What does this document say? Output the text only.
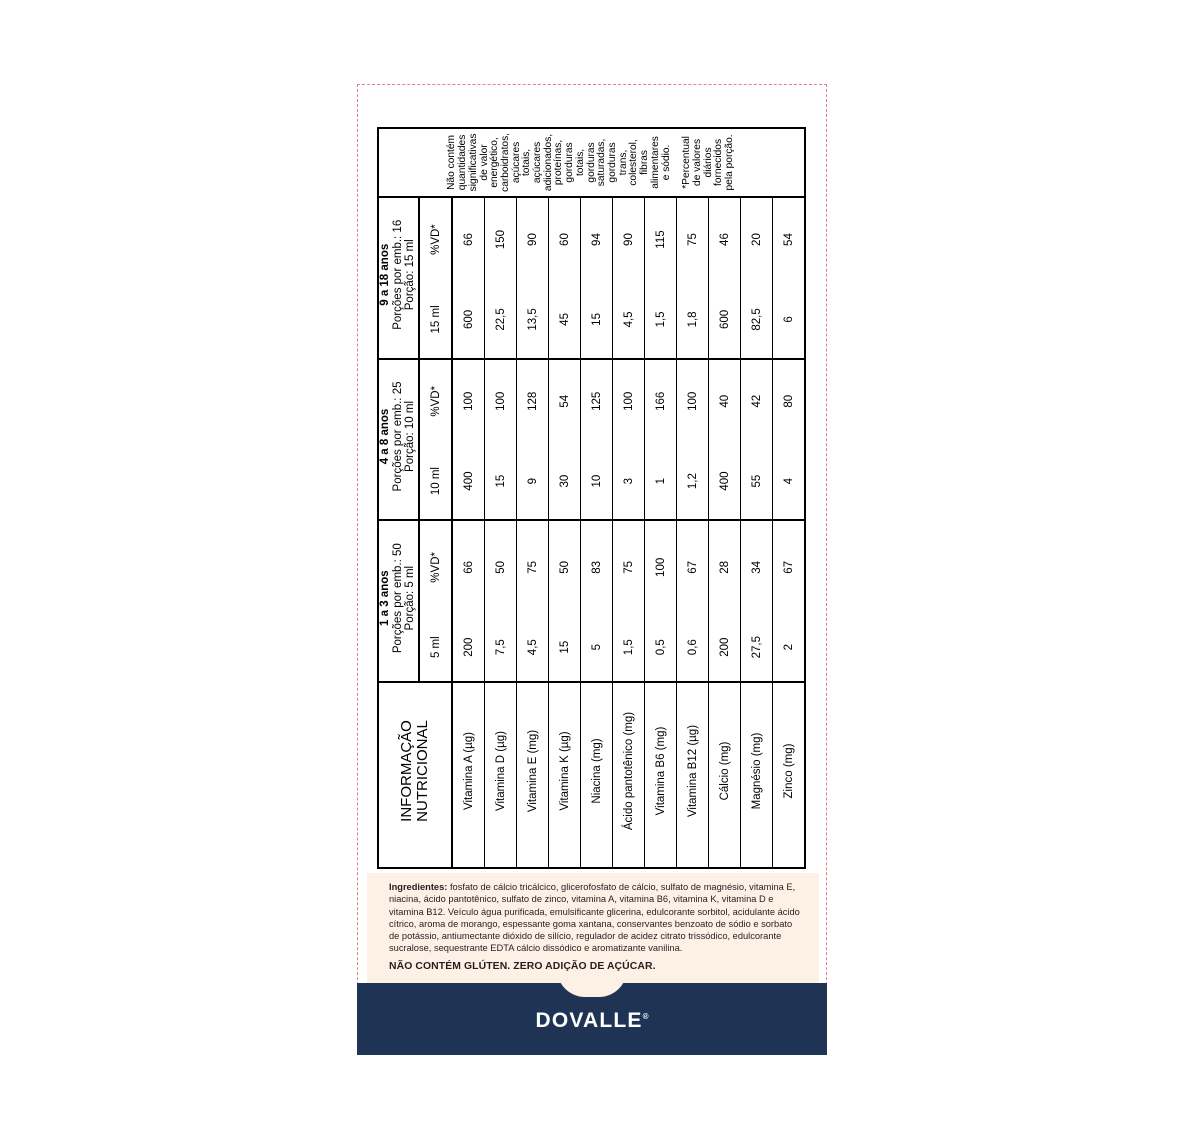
INFORMAÇÃO
NUTRICIONAL	
1 a 3 anos Porções por emb.: 50
Porção: 5 ml	
4 a 8 anos Porções por emb.: 25
Porção: 10 ml	
9 a 18 anos Porções por emb.: 16
Porção: 15 ml	
Não contém quantidades significativas de valor energético, carboidratos, açúcares totais, açúcares adicionados, proteínas, gorduras totais, gorduras saturadas, gorduras trans, colesterol, fibras alimentares e sódio. *Percentual de valores diários fornecidos pela porção.

	5 ml	%VD*	10 ml	%VD*	15 ml	%VD*	
Vitamina A (µg)	200	66	400	100	600	66	
Vitamina D (µg)	7,5	50	15	100	22,5	150	
Vitamina E (mg)	4,5	75	9	128	13,5	90	
Vitamina K (µg)	15	50	30	54	45	60	
Niacina (mg)	5	83	10	125	15	94	
Ácido pantotênico (mg)	1,5	75	3	100	4,5	90	
Vitamina B6 (mg)	0,5	100	1	166	1,5	115	
Vitamina B12 (µg)	0,6	67	1,2	100	1,8	75	
Cálcio (mg)	200	28	400	40	600	46	
Magnésio (mg)	27,5	34	55	42	82,5	20	
Zinco (mg)	2	67	4	80	6	54	
Ingredientes: fosfato de cálcio tricálcico, glicerofosfato de cálcio, sulfato de magnésio, vitamina E, niacina, ácido pantotênico, sulfato de zinco, vitamina A, vitamina B6, vitamina K, vitamina D e vitamina B12. Veículo água purificada, emulsificante glicerina, edulcorante sorbitol, acidulante ácido cítrico, aroma de morango, espessante goma xantana, conservantes benzoato de sódio e sorbato de potássio, antiumectante dióxido de silício, regulador de acidez citrato trissódico, edulcorante sucralose, sequestrante EDTA cálcio dissódico e aromatizante vanilina.
NÃO CONTÉM GLÚTEN. ZERO ADIÇÃO DE AÇÚCAR.
DOVALLE®
